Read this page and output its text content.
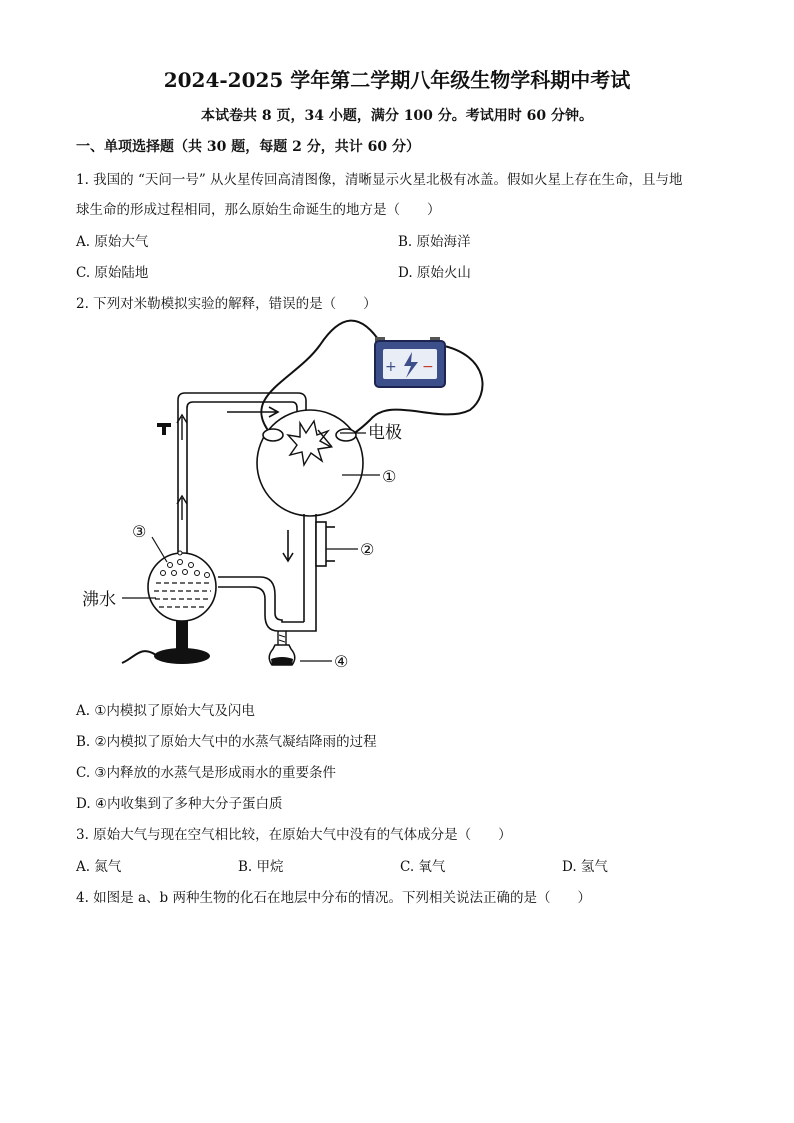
2024-2025 学年第二学期八年级生物学科期中考试
本试卷共 8 页，34 小题，满分 100 分。考试用时 60 分钟。
一、单项选择题（共 30 题，每题 2 分，共计 60 分）
1. 我国的 “天问一号” 从火星传回高清图像，清晰显示火星北极有冰盖。假如火星上存在生命，且与地
球生命的形成过程相同，那么原始生命诞生的地方是（　　）
A. 原始大气	B. 原始海洋
C. 原始陆地	D. 原始火山
2. 下列对米勒模拟实验的解释，错误的是（　　）
+ −
电极
①
②
④
③
沸水
A. ①内模拟了原始大气及闪电
B. ②内模拟了原始大气中的水蒸气凝结降雨的过程
C. ③内释放的水蒸气是形成雨水的重要条件
D. ④内收集到了多种大分子蛋白质
3. 原始大气与现在空气相比较，在原始大气中没有的气体成分是（　　）
A. 氮气	B. 甲烷	C. 氧气	D. 氢气
4. 如图是 a、b 两种生物的化石在地层中分布的情况。下列相关说法正确的是（　　）
